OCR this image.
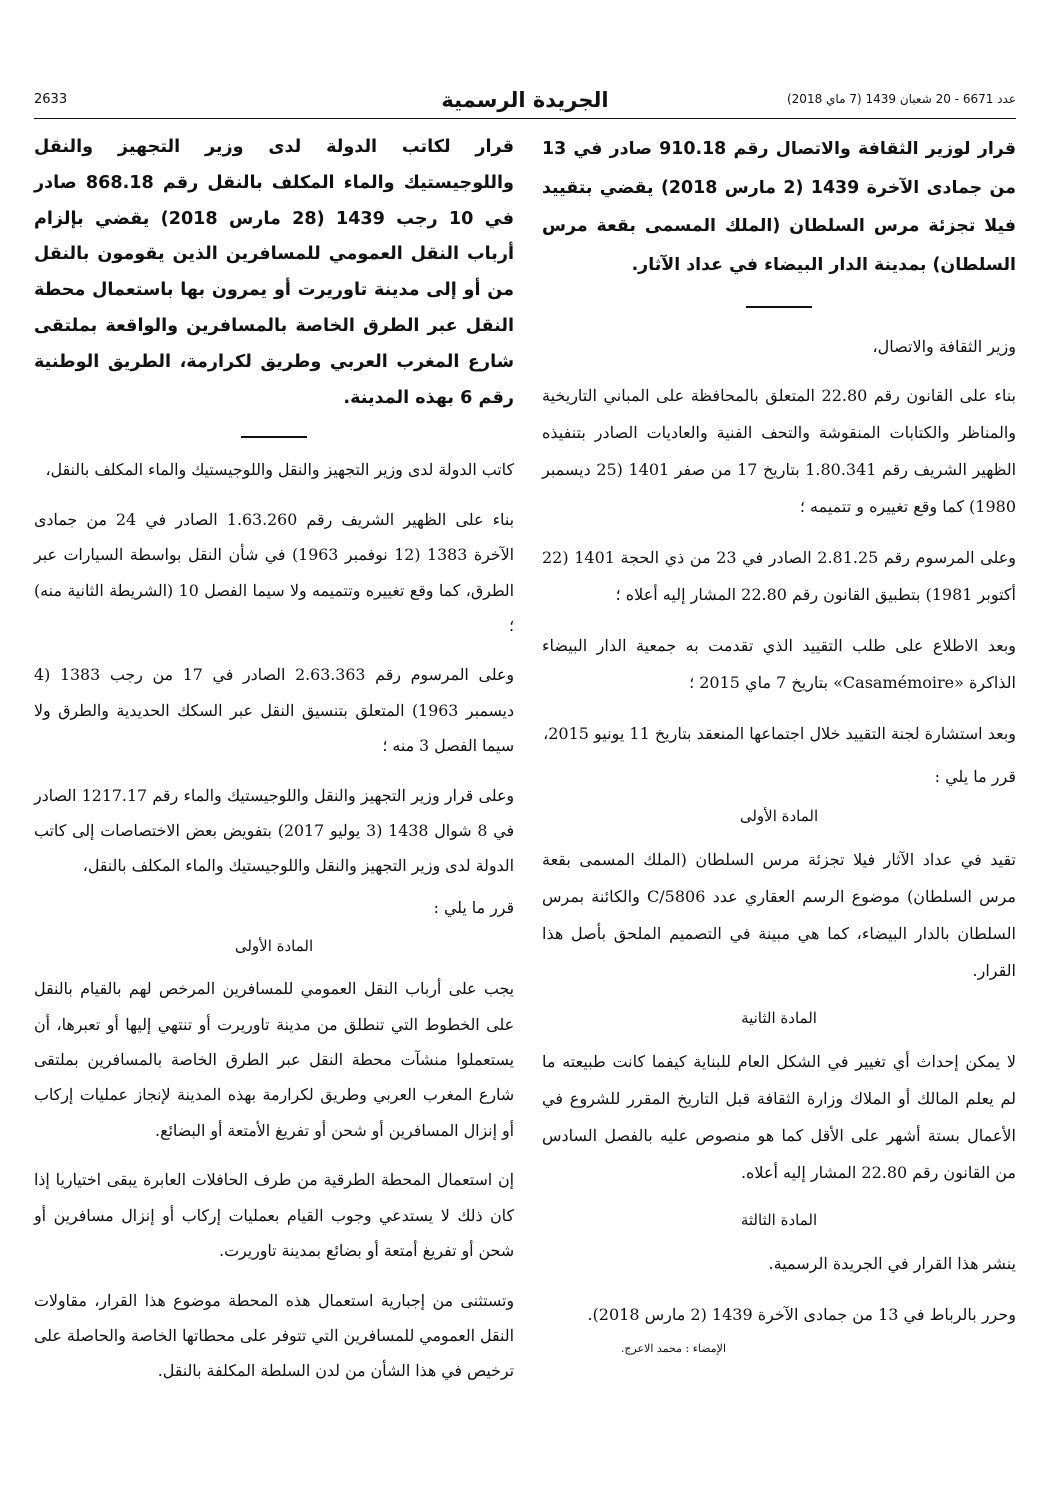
2633	الجريدة الرسمية	عدد 6671 - 20 شعبان 1439 (7 ماي 2018)

قرار لوزير الثقافة والاتصال رقم 910.18 صادر في 13 من جمادى الآخرة 1439 (2 مارس 2018) يقضي بتقييد فيلا تجزئة مرس السلطان (الملك المسمى بقعة مرس السلطان) بمدينة الدار البيضاء في عداد الآثار.

وزير الثقافة والاتصال،

بناء على القانون رقم 22.80 المتعلق بالمحافظة على المباني التاريخية والمناظر والكتابات المنقوشة والتحف الفنية والعاديات الصادر بتنفيذه الظهير الشريف رقم 1.80.341 بتاريخ 17 من صفر 1401 (25 ديسمبر 1980) كما وقع تغييره و تتميمه ؛

وعلى المرسوم رقم 2.81.25 الصادر في 23 من ذي الحجة 1401 (22 أكتوبر 1981) بتطبيق القانون رقم 22.80 المشار إليه أعلاه ؛

وبعد الاطلاع على طلب التقييد الذي تقدمت به جمعية الدار البيضاء الذاكرة «Casamémoire» بتاريخ 7 ماي 2015 ؛

وبعد استشارة لجنة التقييد خلال اجتماعها المنعقد بتاريخ 11 يونيو 2015،

قرر ما يلي :

المادة الأولى

تقيد في عداد الآثار فيلا تجزئة مرس السلطان (الملك المسمى بقعة مرس السلطان) موضوع الرسم العقاري عدد C/5806 والكائنة بمرس السلطان بالدار البيضاء، كما هي مبينة في التصميم الملحق بأصل هذا القرار.

المادة الثانية

لا يمكن إحداث أي تغيير في الشكل العام للبناية كيفما كانت طبيعته ما لم يعلم المالك أو الملاك وزارة الثقافة قبل التاريخ المقرر للشروع في الأعمال بستة أشهر على الأقل كما هو منصوص عليه بالفصل السادس من القانون رقم 22.80 المشار إليه أعلاه.

المادة الثالثة

ينشر هذا القرار في الجريدة الرسمية.

وحرر بالرباط في 13 من جمادى الآخرة 1439 (2 مارس 2018).

الإمضاء : محمد الاعرج.

قرار لكاتب الدولة لدى وزير التجهيز والنقل واللوجيستيك والماء المكلف بالنقل رقم 868.18 صادر في 10 رجب 1439 (28 مارس 2018) يقضي بإلزام أرباب النقل العمومي للمسافرين الذين يقومون بالنقل من أو إلى مدينة تاوريرت أو يمرون بها باستعمال محطة النقل عبر الطرق الخاصة بالمسافرين والواقعة بملتقى شارع المغرب العربي وطريق لكرارمة، الطريق الوطنية رقم 6 بهذه المدينة.

كاتب الدولة لدى وزير التجهيز والنقل واللوجيستيك والماء المكلف بالنقل،

بناء على الظهير الشريف رقم 1.63.260 الصادر في 24 من جمادى الآخرة 1383 (12 نوفمبر 1963) في شأن النقل بواسطة السيارات عبر الطرق، كما وقع تغييره وتتميمه ولا سيما الفصل 10 (الشريطة الثانية منه) ؛

وعلى المرسوم رقم 2.63.363 الصادر في 17 من رجب 1383 (4 ديسمبر 1963) المتعلق بتنسيق النقل عبر السكك الحديدية والطرق ولا سيما الفصل 3 منه ؛

وعلى قرار وزير التجهيز والنقل واللوجيستيك والماء رقم 1217.17 الصادر في 8 شوال 1438 (3 يوليو 2017) بتفويض بعض الاختصاصات إلى كاتب الدولة لدى وزير التجهيز والنقل واللوجيستيك والماء المكلف بالنقل،

قرر ما يلي :

المادة الأولى

يجب على أرباب النقل العمومي للمسافرين المرخص لهم بالقيام بالنقل على الخطوط التي تنطلق من مدينة تاوريرت أو تنتهي إليها أو تعبرها، أن يستعملوا منشآت محطة النقل عبر الطرق الخاصة بالمسافرين بملتقى شارع المغرب العربي وطريق لكرارمة بهذه المدينة لإنجاز عمليات إركاب أو إنزال المسافرين أو شحن أو تفريغ الأمتعة أو البضائع.

إن استعمال المحطة الطرقية من طرف الحافلات العابرة يبقى اختياريا إذا كان ذلك لا يستدعي وجوب القيام بعمليات إركاب أو إنزال مسافرين أو شحن أو تفريغ أمتعة أو بضائع بمدينة تاوريرت.

وتستثنى من إجبارية استعمال هذه المحطة موضوع هذا القرار، مقاولات النقل العمومي للمسافرين التي تتوفر على محطاتها الخاصة والحاصلة على ترخيص في هذا الشأن من لدن السلطة المكلفة بالنقل.
